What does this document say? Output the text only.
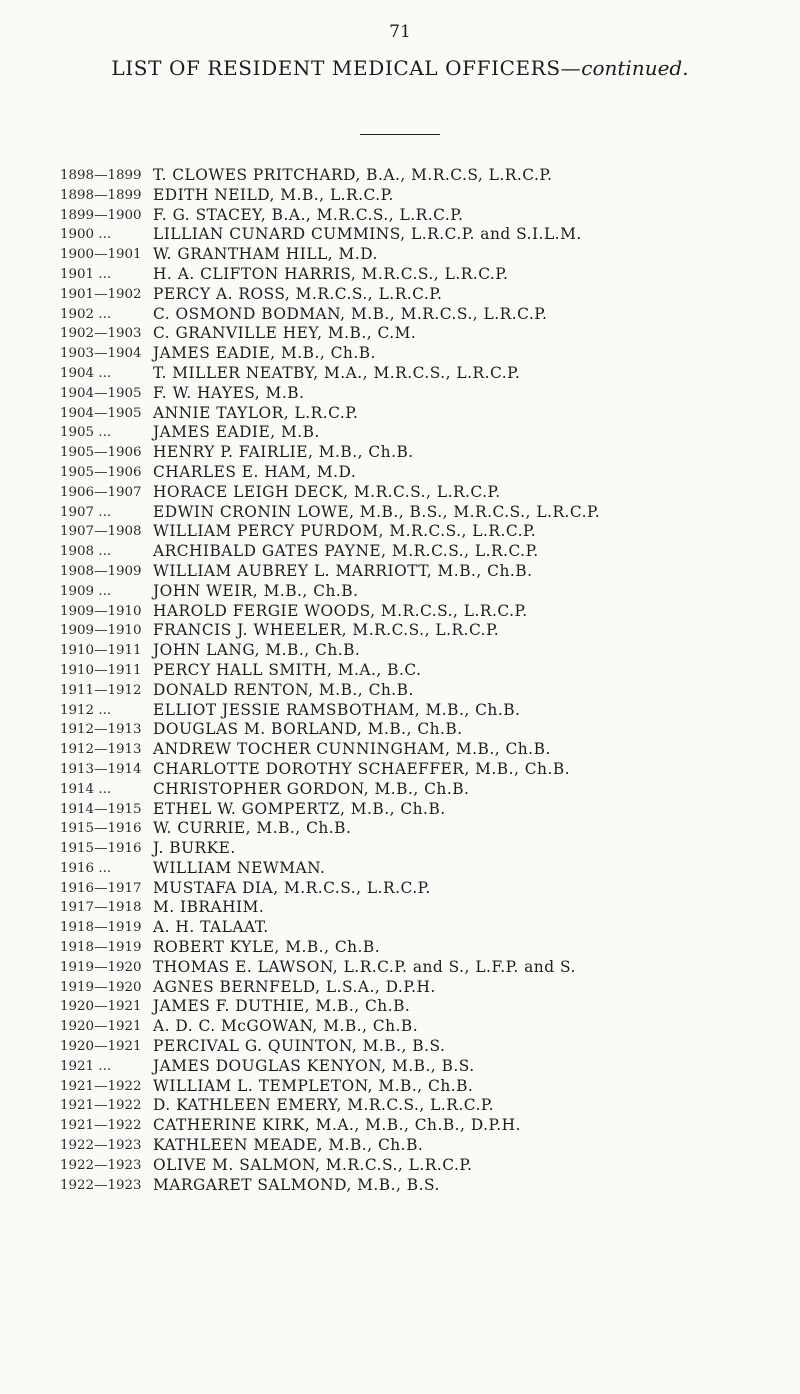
71
LIST OF RESIDENT MEDICAL OFFICERS—continued.
1898—1899 T. CLOWES PRITCHARD, B.A., M.R.C.S, L.R.C.P.
1898—1899 EDITH NEILD, M.B., L.R.C.P.
1899—1900 F. G. STACEY, B.A., M.R.C.S., L.R.C.P.
1900 ...	LILLIAN CUNARD CUMMINS, L.R.C.P. and S.I.L.M.
1900—1901 W. GRANTHAM HILL, M.D.
1901 ...	H. A. CLIFTON HARRIS, M.R.C.S., L.R.C.P.
1901—1902 PERCY A. ROSS, M.R.C.S., L.R.C.P.
1902 ...	C. OSMOND BODMAN, M.B., M.R.C.S., L.R.C.P.
1902—1903 C. GRANVILLE HEY, M.B., C.M.
1903—1904 JAMES EADIE, M.B., Ch.B.
1904 ...	T. MILLER NEATBY, M.A., M.R.C.S., L.R.C.P.
1904—1905 F. W. HAYES, M.B.
1904—1905 ANNIE TAYLOR, L.R.C.P.
1905 ...	JAMES EADIE, M.B.
1905—1906 HENRY P. FAIRLIE, M.B., Ch.B.
1905—1906 CHARLES E. HAM, M.D.
1906—1907 HORACE LEIGH DECK, M.R.C.S., L.R.C.P.
1907 ...	EDWIN CRONIN LOWE, M.B., B.S., M.R.C.S., L.R.C.P.
1907—1908 WILLIAM PERCY PURDOM, M.R.C.S., L.R.C.P.
1908 ...	ARCHIBALD GATES PAYNE, M.R.C.S., L.R.C.P.
1908—1909 WILLIAM AUBREY L. MARRIOTT, M.B., Ch.B.
1909 ...	JOHN WEIR, M.B., Ch.B.
1909—1910 HAROLD FERGIE WOODS, M.R.C.S., L.R.C.P.
1909—1910 FRANCIS J. WHEELER, M.R.C.S., L.R.C.P.
1910—1911 JOHN LANG, M.B., Ch.B.
1910—1911 PERCY HALL SMITH, M.A., B.C.
1911—1912 DONALD RENTON, M.B., Ch.B.
1912 ...	ELLIOT JESSIE RAMSBOTHAM, M.B., Ch.B.
1912—1913 DOUGLAS M. BORLAND, M.B., Ch.B.
1912—1913 ANDREW TOCHER CUNNINGHAM, M.B., Ch.B.
1913—1914 CHARLOTTE DOROTHY SCHAEFFER, M.B., Ch.B.
1914 ...	CHRISTOPHER GORDON, M.B., Ch.B.
1914—1915 ETHEL W. GOMPERTZ, M.B., Ch.B.
1915—1916 W. CURRIE, M.B., Ch.B.
1915—1916 J. BURKE.
1916 ...	WILLIAM NEWMAN.
1916—1917 MUSTAFA DIA, M.R.C.S., L.R.C.P.
1917—1918 M. IBRAHIM.
1918—1919 A. H. TALAAT.
1918—1919 ROBERT KYLE, M.B., Ch.B.
1919—1920 THOMAS E. LAWSON, L.R.C.P. and S., L.F.P. and S.
1919—1920 AGNES BERNFELD, L.S.A., D.P.H.
1920—1921 JAMES F. DUTHIE, M.B., Ch.B.
1920—1921 A. D. C. McGOWAN, M.B., Ch.B.
1920—1921 PERCIVAL G. QUINTON, M.B., B.S.
1921 ...	JAMES DOUGLAS KENYON, M.B., B.S.
1921—1922 WILLIAM L. TEMPLETON, M.B., Ch.B.
1921—1922 D. KATHLEEN EMERY, M.R.C.S., L.R.C.P.
1921—1922 CATHERINE KIRK, M.A., M.B., Ch.B., D.P.H.
1922—1923 KATHLEEN MEADE, M.B., Ch.B.
1922—1923 OLIVE M. SALMON, M.R.C.S., L.R.C.P.
1922—1923 MARGARET SALMOND, M.B., B.S.
